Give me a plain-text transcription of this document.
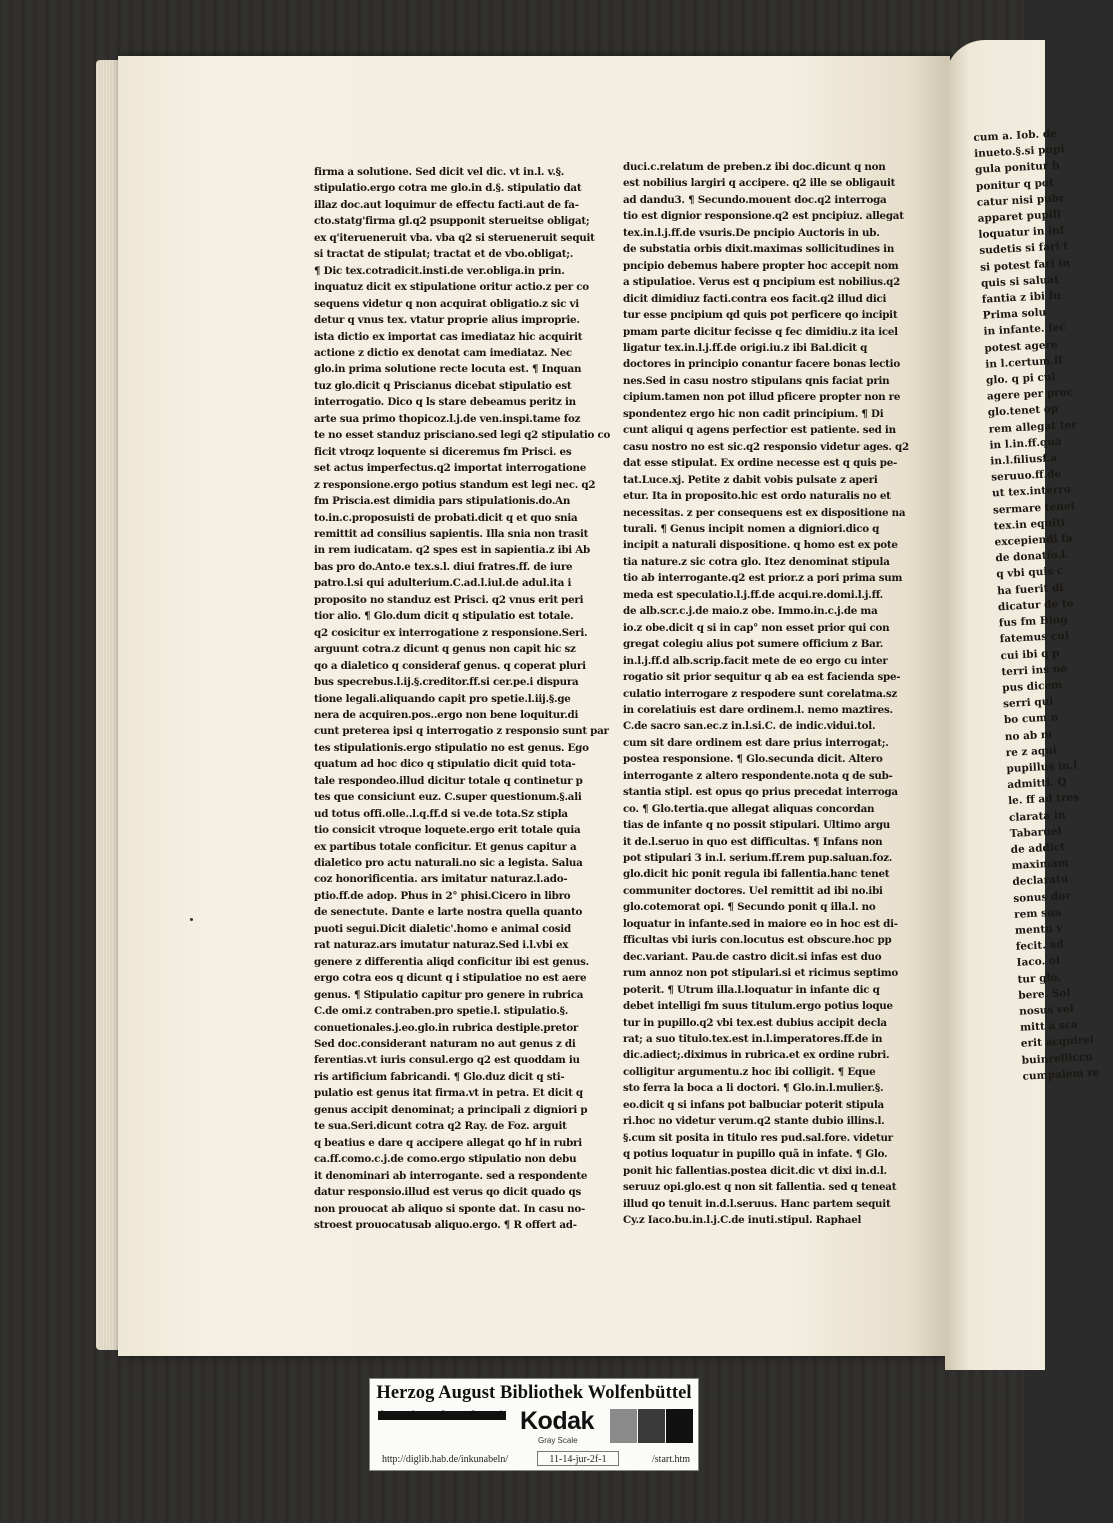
cum a. Iob. de
inueto.§.si pupi
gula ponitur h
ponitur q pot
catur nisi pubr
apparet pupill
loquatur in inf
sudetis si fari f
si potest fari in
quis si saluat
fantia z ibi fu
Prima solu
in infante. fec
potest agere
in l.certum.ff
glo. q pi cul
agere per proc
glo.tenet op
rem allegat ter
in l.in.ff.qua
in.l.filiusf.a
seruuo.ff.de
ut tex.interro
sermare tenet
tex.in equiti
excepiendi fa
de donatio.l.
q vbi quis c
ha fuerit di
dicatur de to
fus fm Bing
fatemus cul
cui ibi q p
terri ins ne
pus dicem
serri qui
bo cum n
no ab m
re z aqui
pupillus in.l
admitti. Q
le. ff ad tres
clarata in
Tabaruel
de addict
maximam
declaratu
sonus dor
rem sua
mentu v
fecit. ad
Iaco. ol
tur glo.
bere. Sol
nosus vel
mitt a sca
erit acquirei
buinrelliccu
cumpalem re
firma a solutione. Sed dicit vel dic. vt in.l. v.§.
stipulatio.ergo cotra me glo.in d.§. stipulatio dat
illaz doc.aut loquimur de effectu facti.aut de fa-
cto.statg'firma gl.q2 psupponit sterueitse obligat;
ex q'iterueneruit vba. vba q2 si sterueneruit sequit
si tractat de stipulat; tractat et de vbo.obligat;.
¶ Dic tex.cotradicit.insti.de ver.obliga.in prin.
inquatuz dicit ex stipulatione oritur actio.z per co
sequens videtur q non acquirat obligatio.z sic vi
detur q vnus tex. vtatur proprie alius improprie.
ista dictio ex importat cas imediataz hic acquirit
actione z dictio ex denotat cam imediataz. Nec
glo.in prima solutione recte locuta est. ¶ Inquan
tuz glo.dicit q Priscianus dicebat stipulatio est
interrogatio. Dico q ls stare debeamus peritz in
arte sua primo thopicoz.l.j.de ven.inspi.tame foz
te no esset standuz prisciano.sed legi q2 stipulatio co
ficit vtroqz loquente si diceremus fm Prisci. es
set actus imperfectus.q2 importat interrogatione
z responsione.ergo potius standum est legi nec. q2
fm Priscia.est dimidia pars stipulationis.do.An
to.in.c.proposuisti de probati.dicit q et quo snia
remittit ad consilius sapientis. Illa snia non trasit
in rem iudicatam. q2 spes est in sapientia.z ibi Ab
bas pro do.Anto.e tex.s.l. diui fratres.ff. de iure
patro.l.si qui adulterium.C.ad.l.iul.de adul.ita i
proposito no standuz est Prisci. q2 vnus erit peri
tior alio. ¶ Glo.dum dicit q stipulatio est totale.
q2 cosicitur ex interrogatione z responsione.Seri.
arguunt cotra.z dicunt q genus non capit hic sz
qo a dialetico q consideraf genus. q coperat pluri
bus specrebus.l.ij.§.creditor.ff.si cer.pe.i dispura
tione legali.aliquando capit pro spetie.l.iij.§.ge
nera de acquiren.pos..ergo non bene loquitur.di
cunt preterea ipsi q interrogatio z responsio sunt par
tes stipulationis.ergo stipulatio no est genus. Ego
quatum ad hoc dico q stipulatio dicit quid tota-
tale respondeo.illud dicitur totale q continetur p
tes que consiciunt euz. C.super questionum.§.ali
ud totus offi.olle..l.q.ff.d si ve.de tota.Sz stipla
tio consicit vtroque loquete.ergo erit totale quia
ex partibus totale conficitur. Et genus capitur a
dialetico pro actu naturali.no sic a legista. Salua
coz honorificentia. ars imitatur naturaz.l.ado-
ptio.ff.de adop. Phus in 2° phisi.Cicero in libro
de senectute. Dante e larte nostra quella quanto
puoti segui.Dicit dialetic'.homo e animal cosid
rat naturaz.ars imutatur naturaz.Sed i.l.vbi ex
genere z differentia aliqd conficitur ibi est genus.
ergo cotra eos q dicunt q i stipulatioe no est aere
genus. ¶ Stipulatio capitur pro genere in rubrica
C.de omi.z contraben.pro spetie.l. stipulatio.§.
conuetionales.j.eo.glo.in rubrica destiple.pretor
Sed doc.considerant naturam no aut genus z di
ferentias.vt iuris consul.ergo q2 est quoddam iu
ris artificium fabricandi. ¶ Glo.duz dicit q sti-
pulatio est genus itat firma.vt in petra. Et dicit q
genus accipit denominat; a principali z digniori p
te sua.Seri.dicunt cotra q2 Ray. de Foz. arguit
q beatius e dare q accipere allegat qo hf in rubri
ca.ff.como.c.j.de como.ergo stipulatio non debu
it denominari ab interrogante. sed a respondente
datur responsio.illud est verus qo dicit quado qs
non prouocat ab aliquo si sponte dat. In casu no-
stroest prouocatusab aliquo.ergo. ¶ R offert ad-
duci.c.relatum de preben.z ibi doc.dicunt q non
est nobilius largiri q accipere. q2 ille se obligauit
ad dandu3. ¶ Secundo.mouent doc.q2 interroga
tio est dignior responsione.q2 est pncipiuz. allegat
tex.in.l.j.ff.de vsuris.De pncipio Auctoris in ub.
de substatia orbis dixit.maximas sollicitudines in
pncipio debemus habere propter hoc accepit nom
a stipulatioe. Verus est q pncipium est nobilius.q2
dicit dimidiuz facti.contra eos facit.q2 illud dici
tur esse pncipium qd quis pot perficere qo incipit
pmam parte dicitur fecisse q fec dimidiu.z ita icel
ligatur tex.in.l.j.ff.de origi.iu.z ibi Bal.dicit q
doctores in principio conantur facere bonas lectio
nes.Sed in casu nostro stipulans qnis faciat prin
cipium.tamen non pot illud pficere propter non re
spondentez ergo hic non cadit principium. ¶ Di
cunt aliqui q agens perfectior est patiente. sed in
casu nostro no est sic.q2 responsio videtur ages. q2
dat esse stipulat. Ex ordine necesse est q quis pe-
tat.Luce.xj. Petite z dabit vobis pulsate z aperi
etur. Ita in proposito.hic est ordo naturalis no et
necessitas. z per consequens est ex dispositione na
turali. ¶ Genus incipit nomen a digniori.dico q
incipit a naturali dispositione. q homo est ex pote
tia nature.z sic cotra glo. Itez denominat stipula
tio ab interrogante.q2 est prior.z a pori prima sum
meda est speculatio.l.j.ff.de acqui.re.domi.l.j.ff.
de alb.scr.c.j.de maio.z obe. Immo.in.c.j.de ma
io.z obe.dicit q si in cap° non esset prior qui con
gregat colegiu alius pot sumere officium z Bar.
in.l.j.ff.d alb.scrip.facit mete de eo ergo cu inter
rogatio sit prior sequitur q ab ea est facienda spe-
culatio interrogare z respodere sunt corelatma.sz
in corelatiuis est dare ordinem.l. nemo maztires.
C.de sacro san.ec.z in.l.si.C. de indic.vidui.tol.
cum sit dare ordinem est dare prius interrogat;.
postea responsione. ¶ Glo.secunda dicit. Altero
interrogante z altero respondente.nota q de sub-
stantia stipl. est opus qo prius precedat interroga
co. ¶ Glo.tertia.que allegat aliquas concordan
tias de infante q no possit stipulari. Ultimo argu
it de.l.seruo in quo est difficultas. ¶ Infans non
pot stipulari 3 in.l. serium.ff.rem pup.saluan.foz.
glo.dicit hic ponit regula ibi fallentia.hanc tenet
communiter doctores. Uel remittit ad ibi no.ibi
glo.cotemorat opi. ¶ Secundo ponit q illa.l. no
loquatur in infante.sed in maiore eo in hoc est di-
fficultas vbi iuris con.locutus est obscure.hoc pp
dec.variant. Pau.de castro dicit.si infas est duo
rum annoz non pot stipulari.si et ricimus septimo
poterit. ¶ Utrum illa.l.loquatur in infante dic q
debet intelligi fm suus titulum.ergo potius loque
tur in pupillo.q2 vbi tex.est dubius accipit decla
rat; a suo titulo.tex.est in.l.imperatores.ff.de in
dic.adiect;.diximus in rubrica.et ex ordine rubri.
colligitur argumentu.z hoc ibi colligit. ¶ Eque
sto ferra la boca a li doctori. ¶ Glo.in.l.mulier.§.
eo.dicit q si infans pot balbuciar poterit stipula
ri.hoc no videtur verum.q2 stante dubio illins.l.
§.cum sit posita in titulo res pud.sal.fore. videtur
q potius loquatur in pupillo quã in infate. ¶ Glo.
ponit hic fallentias.postea dicit.dic vt dixi in.d.l.
seruuz opi.glo.est q non sit fallentia. sed q teneat
illud qo tenuit in.d.l.seruus. Hanc partem sequit
Cy.z Iaco.bu.in.l.j.C.de inuti.stipul. Raphael
Herzog August Bibliothek Wolfenbüttel
0 1 2 3 4 Kodak
Gray Scale
http://diglib.hab.de/inkunabeln/	11-14-jur-2f-1	/start.htm
